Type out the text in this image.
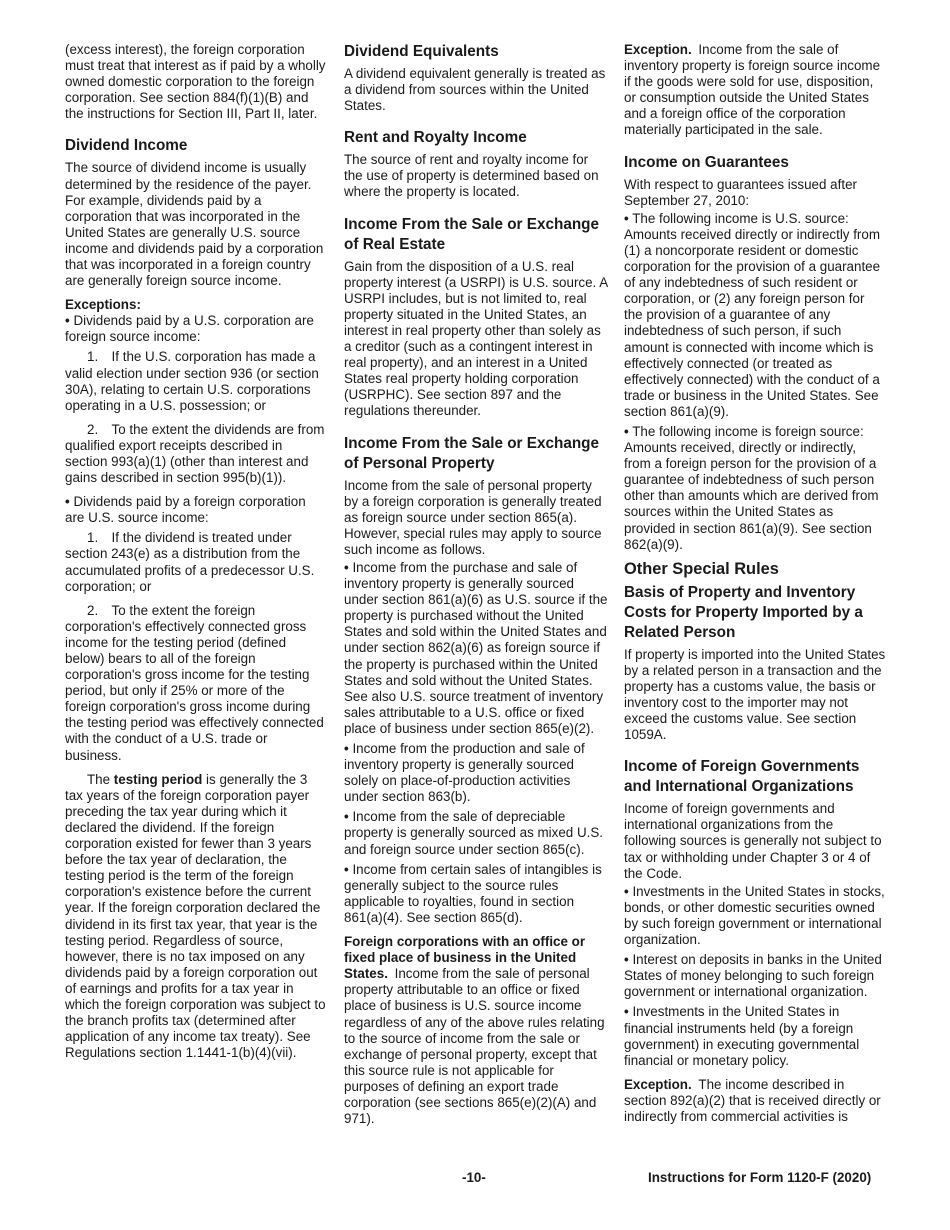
(excess interest), the foreign corporation must treat that interest as if paid by a wholly owned domestic corporation to the foreign corporation. See section 884(f)(1)(B) and the instructions for Section III, Part II, later.

Dividend Income

The source of dividend income is usually determined by the residence of the payer. For example, dividends paid by a corporation that was incorporated in the United States are generally U.S. source income and dividends paid by a corporation that was incorporated in a foreign country are generally foreign source income.

Exceptions:

• Dividends paid by a U.S. corporation are foreign source income:

1. If the U.S. corporation has made a valid election under section 936 (or section 30A), relating to certain U.S. corporations operating in a U.S. possession; or

2. To the extent the dividends are from qualified export receipts described in section 993(a)(1) (other than interest and gains described in section 995(b)(1)).

• Dividends paid by a foreign corporation are U.S. source income:

1. If the dividend is treated under section 243(e) as a distribution from the accumulated profits of a predecessor U.S. corporation; or

2. To the extent the foreign corporation's effectively connected gross income for the testing period (defined below) bears to all of the foreign corporation's gross income for the testing period, but only if 25% or more of the foreign corporation's gross income during the testing period was effectively connected with the conduct of a U.S. trade or business.

The testing period is generally the 3 tax years of the foreign corporation payer preceding the tax year during which it declared the dividend. If the foreign corporation existed for fewer than 3 years before the tax year of declaration, the testing period is the term of the foreign corporation's existence before the current year. If the foreign corporation declared the dividend in its first tax year, that year is the testing period. Regardless of source, however, there is no tax imposed on any dividends paid by a foreign corporation out of earnings and profits for a tax year in which the foreign corporation was subject to the branch profits tax (determined after application of any income tax treaty). See Regulations section 1.1441-1(b)(4)(vii).

Dividend Equivalents

A dividend equivalent generally is treated as a dividend from sources within the United States.

Rent and Royalty Income

The source of rent and royalty income for the use of property is determined based on where the property is located.

Income From the Sale or Exchange of Real Estate

Gain from the disposition of a U.S. real property interest (a USRPI) is U.S. source. A USRPI includes, but is not limited to, real property situated in the United States, an interest in real property other than solely as a creditor (such as a contingent interest in real property), and an interest in a United States real property holding corporation (USRPHC). See section 897 and the regulations thereunder.

Income From the Sale or Exchange of Personal Property

Income from the sale of personal property by a foreign corporation is generally treated as foreign source under section 865(a). However, special rules may apply to source such income as follows.

• Income from the purchase and sale of inventory property is generally sourced under section 861(a)(6) as U.S. source if the property is purchased without the United States and sold within the United States and under section 862(a)(6) as foreign source if the property is purchased within the United States and sold without the United States. See also U.S. source treatment of inventory sales attributable to a U.S. office or fixed place of business under section 865(e)(2).

• Income from the production and sale of inventory property is generally sourced solely on place-of-production activities under section 863(b).

• Income from the sale of depreciable property is generally sourced as mixed U.S. and foreign source under section 865(c).

• Income from certain sales of intangibles is generally subject to the source rules applicable to royalties, found in section 861(a)(4). See section 865(d).

Foreign corporations with an office or fixed place of business in the United States. Income from the sale of personal property attributable to an office or fixed place of business is U.S. source income regardless of any of the above rules relating to the source of income from the sale or exchange of personal property, except that this source rule is not applicable for purposes of defining an export trade corporation (see sections 865(e)(2)(A) and 971).

Exception. Income from the sale of inventory property is foreign source income if the goods were sold for use, disposition, or consumption outside the United States and a foreign office of the corporation materially participated in the sale.

Income on Guarantees

With respect to guarantees issued after September 27, 2010:

• The following income is U.S. source: Amounts received directly or indirectly from (1) a noncorporate resident or domestic corporation for the provision of a guarantee of any indebtedness of such resident or corporation, or (2) any foreign person for the provision of a guarantee of any indebtedness of such person, if such amount is connected with income which is effectively connected (or treated as effectively connected) with the conduct of a trade or business in the United States. See section 861(a)(9).

• The following income is foreign source: Amounts received, directly or indirectly, from a foreign person for the provision of a guarantee of indebtedness of such person other than amounts which are derived from sources within the United States as provided in section 861(a)(9). See section 862(a)(9).

Other Special Rules
Basis of Property and Inventory Costs for Property Imported by a Related Person

If property is imported into the United States by a related person in a transaction and the property has a customs value, the basis or inventory cost to the importer may not exceed the customs value. See section 1059A.

Income of Foreign Governments and International Organizations

Income of foreign governments and international organizations from the following sources is generally not subject to tax or withholding under Chapter 3 or 4 of the Code.

• Investments in the United States in stocks, bonds, or other domestic securities owned by such foreign government or international organization.

• Interest on deposits in banks in the United States of money belonging to such foreign government or international organization.

• Investments in the United States in financial instruments held (by a foreign government) in executing governmental financial or monetary policy.

Exception. The income described in section 892(a)(2) that is received directly or indirectly from commercial activities is

-10-	Instructions for Form 1120-F (2020)
